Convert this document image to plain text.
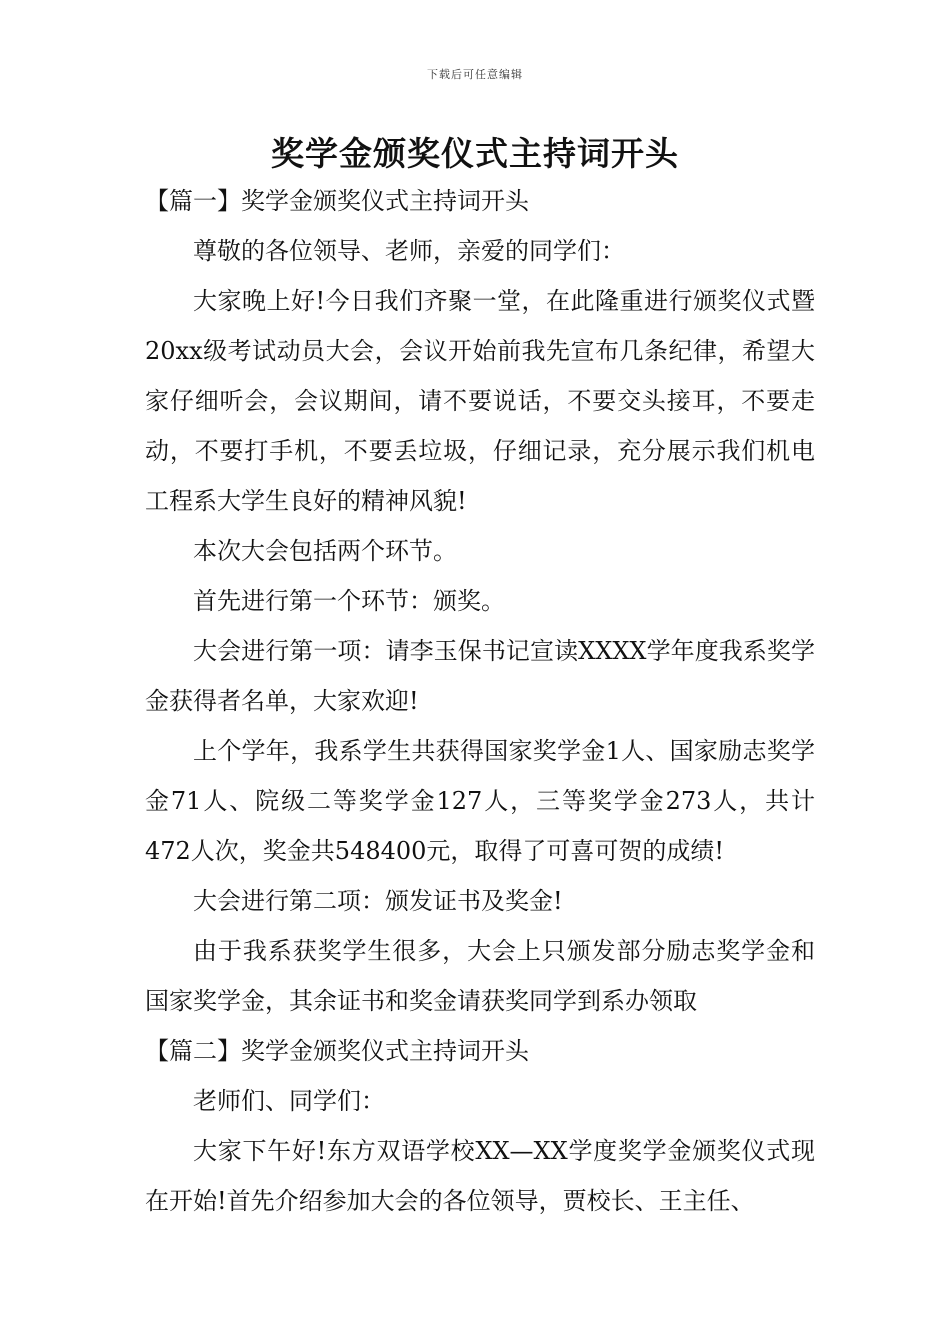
下载后可任意编辑
奖学金颁奖仪式主持词开头

【篇一】奖学金颁奖仪式主持词开头

尊敬的各位领导、老师，亲爱的同学们：

大家晚上好!今日我们齐聚一堂，在此隆重进行颁奖仪式暨20xx级考试动员大会，会议开始前我先宣布几条纪律，希望大家仔细听会，会议期间，请不要说话，不要交头接耳，不要走动，不要打手机，不要丢垃圾，仔细记录，充分展示我们机电工程系大学生良好的精神风貌!

本次大会包括两个环节。

首先进行第一个环节：颁奖。

大会进行第一项：请李玉保书记宣读XXXX学年度我系奖学金获得者名单，大家欢迎!

上个学年，我系学生共获得国家奖学金1人、国家励志奖学金71人、院级二等奖学金127人，三等奖学金273人，共计472人次，奖金共548400元，取得了可喜可贺的成绩!

大会进行第二项：颁发证书及奖金!

由于我系获奖学生很多，大会上只颁发部分励志奖学金和国家奖学金，其余证书和奖金请获奖同学到系办领取

【篇二】奖学金颁奖仪式主持词开头

老师们、同学们：

大家下午好!东方双语学校XX—XX学度奖学金颁奖仪式现在开始!首先介绍参加大会的各位领导，贾校长、王主任、
